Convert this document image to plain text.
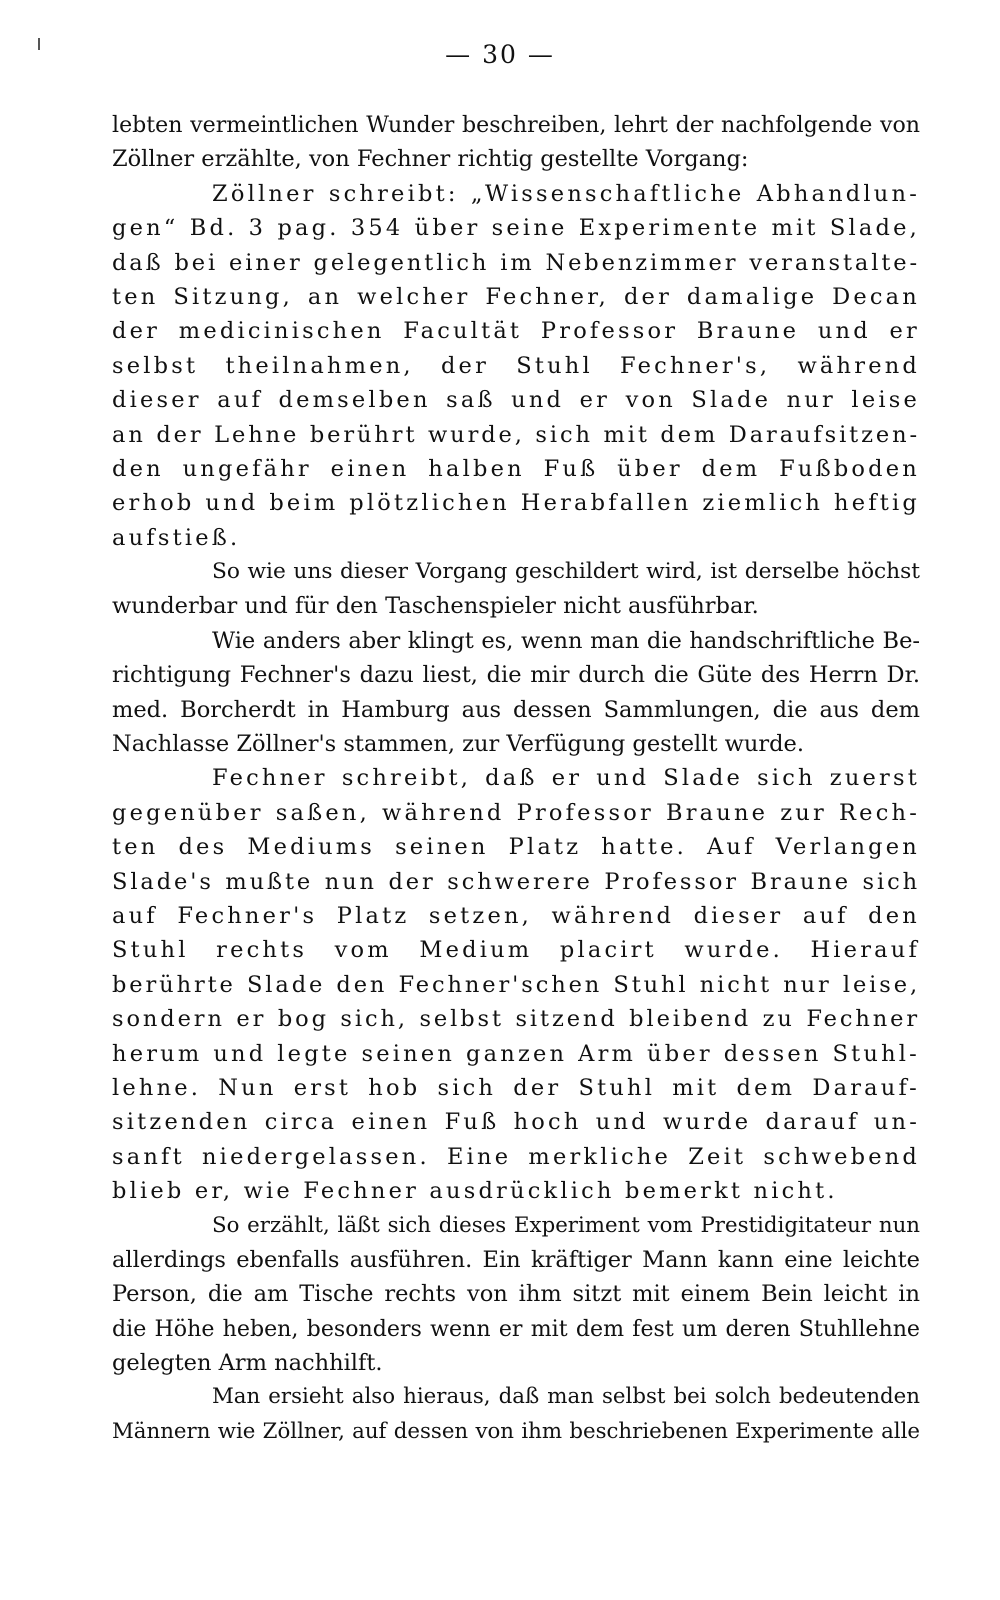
— 30 —
lebten vermeintlichen Wunder beschreiben, lehrt der nachfolgende von
Zöllner erzählte, von Fechner richtig gestellte Vorgang:
Zöllner schreibt: „Wissenschaftliche Abhandlun-
gen“ Bd. 3 pag. 354 über seine Experimente mit Slade,
daß bei einer gelegentlich im Nebenzimmer veranstalte-
ten Sitzung, an welcher Fechner, der damalige Decan
der medicinischen Facultät Professor Braune und er
selbst theilnahmen, der Stuhl Fechner's, während
dieser auf demselben saß und er von Slade nur leise
an der Lehne berührt wurde, sich mit dem Daraufsitzen-
den ungefähr einen halben Fuß über dem Fußboden
erhob und beim plötzlichen Herabfallen ziemlich heftig
aufstieß.
So wie uns dieser Vorgang geschildert wird, ist derselbe höchst
wunderbar und für den Taschenspieler nicht ausführbar.
Wie anders aber klingt es, wenn man die handschriftliche Be-
richtigung Fechner's dazu liest, die mir durch die Güte des Herrn Dr.
med. Borcherdt in Hamburg aus dessen Sammlungen, die aus dem
Nachlasse Zöllner's stammen, zur Verfügung gestellt wurde.
Fechner schreibt, daß er und Slade sich zuerst
gegenüber saßen, während Professor Braune zur Rech-
ten des Mediums seinen Platz hatte. Auf Verlangen
Slade's mußte nun der schwerere Professor Braune sich
auf Fechner's Platz setzen, während dieser auf den
Stuhl rechts vom Medium placirt wurde. Hierauf
berührte Slade den Fechner'schen Stuhl nicht nur leise,
sondern er bog sich, selbst sitzend bleibend zu Fechner
herum und legte seinen ganzen Arm über dessen Stuhl-
lehne. Nun erst hob sich der Stuhl mit dem Darauf-
sitzenden circa einen Fuß hoch und wurde darauf un-
sanft niedergelassen. Eine merkliche Zeit schwebend
blieb er, wie Fechner ausdrücklich bemerkt nicht.
So erzählt, läßt sich dieses Experiment vom Prestidigitateur nun
allerdings ebenfalls ausführen. Ein kräftiger Mann kann eine leichte
Person, die am Tische rechts von ihm sitzt mit einem Bein leicht in
die Höhe heben, besonders wenn er mit dem fest um deren Stuhllehne
gelegten Arm nachhilft.
Man ersieht also hieraus, daß man selbst bei solch bedeutenden
Männern wie Zöllner, auf dessen von ihm beschriebenen Experimente alle
